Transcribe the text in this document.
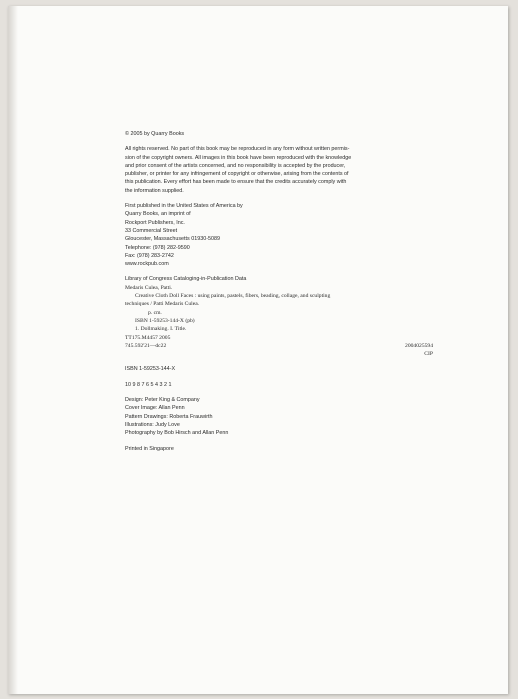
© 2005 by Quarry Books
All rights reserved. No part of this book may be reproduced in any form without written permis-
sion of the copyright owners. All images in this book have been reproduced with the knowledge
and prior consent of the artists concerned, and no responsibility is accepted by the producer,
publisher, or printer for any infringement of copyright or otherwise, arising from the contents of
this publication. Every effort has been made to ensure that the credits accurately comply with
the information supplied.
First published in the United States of America by
Quarry Books, an imprint of
Rockport Publishers, Inc.
33 Commercial Street
Gloucester, Massachusetts 01930-5089
Telephone: (978) 282-9590
Fax: (978) 283-2742
www.rockpub.com
Library of Congress Cataloging-in-Publication Data
Medaris Culea, Patti.
Creative Cloth Doll Faces : using paints, pastels, fibers, beading, collage, and sculpting
techniques / Patti Medaris Culea.
p. cm.
ISBN 1-59253-144-X (pb)
1. Dollmaking. I. Title.
TT175.M4457 2005
745.592'21—dc22	2004025594

CIP
ISBN 1-59253-144-X
10 9 8 7 6 5 4 3 2 1
Design: Peter King & Company
Cover Image: Allan Penn
Pattern Drawings: Roberta Frauwirth
Illustrations: Judy Love
Photography by Bob Hirsch and Allan Penn
Printed in Singapore
